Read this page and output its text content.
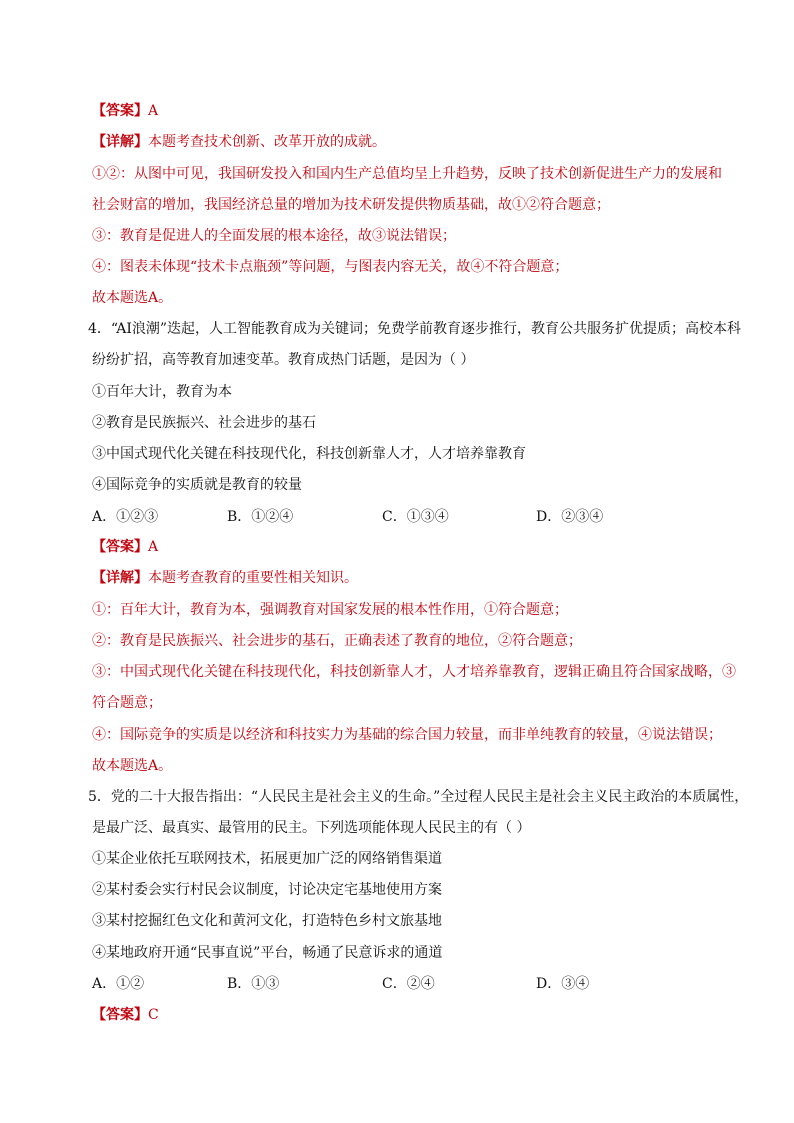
【答案】A
【详解】本题考查技术创新、改革开放的成就。
①②：从图中可见，我国研发投入和国内生产总值均呈上升趋势，反映了技术创新促进生产力的发展和
社会财富的增加，我国经济总量的增加为技术研发提供物质基础，故①②符合题意；
③：教育是促进人的全面发展的根本途径，故③说法错误；
④：图表未体现“技术卡点瓶颈”等问题，与图表内容无关，故④不符合题意；
故本题选A。
4．“AI浪潮”迭起，人工智能教育成为关键词；免费学前教育逐步推行，教育公共服务扩优提质；高校本科
纷纷扩招，高等教育加速变革。教育成热门话题，是因为（ ）
①百年大计，教育为本
②教育是民族振兴、社会进步的基石
③中国式现代化关键在科技现代化，科技创新靠人才，人才培养靠教育
④国际竞争的实质就是教育的较量
A．①②③	B．①②④	C．①③④	D．②③④
【答案】A
【详解】本题考查教育的重要性相关知识。
①：百年大计，教育为本，强调教育对国家发展的根本性作用，①符合题意；
②：教育是民族振兴、社会进步的基石，正确表述了教育的地位，②符合题意；
③：中国式现代化关键在科技现代化，科技创新靠人才，人才培养靠教育，逻辑正确且符合国家战略，③
符合题意；
④：国际竞争的实质是以经济和科技实力为基础的综合国力较量，而非单纯教育的较量，④说法错误；
故本题选A。
5．党的二十大报告指出：“人民民主是社会主义的生命。”全过程人民民主是社会主义民主政治的本质属性，
是最广泛、最真实、最管用的民主。下列选项能体现人民民主的有（ ）
①某企业依托互联网技术，拓展更加广泛的网络销售渠道
②某村委会实行村民会议制度，讨论决定宅基地使用方案
③某村挖掘红色文化和黄河文化，打造特色乡村文旅基地
④某地政府开通“民事直说”平台，畅通了民意诉求的通道
A．①②	B．①③	C．②④	D．③④
【答案】C
